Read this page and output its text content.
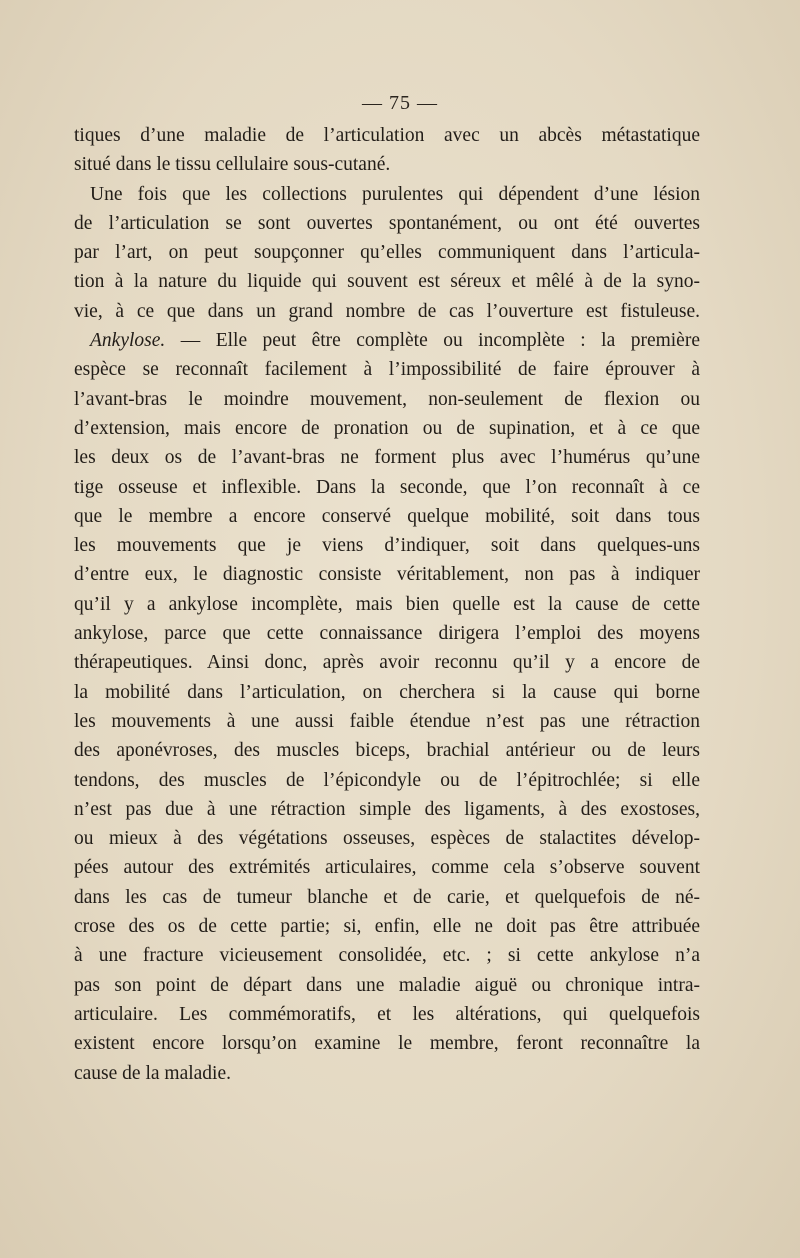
— 75 —
tiques d’une maladie de l’articulation avec un abcès métastatique
situé dans le tissu cellulaire sous-cutané.
Une fois que les collections purulentes qui dépendent d’une lésion
de l’articulation se sont ouvertes spontanément, ou ont été ouvertes
par l’art, on peut soupçonner qu’elles communiquent dans l’articula-
tion à la nature du liquide qui souvent est séreux et mêlé à de la syno-
vie, à ce que dans un grand nombre de cas l’ouverture est fistuleuse.
Ankylose. — Elle peut être complète ou incomplète : la première
espèce se reconnaît facilement à l’impossibilité de faire éprouver à
l’avant-bras le moindre mouvement, non-seulement de flexion ou
d’extension, mais encore de pronation ou de supination, et à ce que
les deux os de l’avant-bras ne forment plus avec l’humérus qu’une
tige osseuse et inflexible. Dans la seconde, que l’on reconnaît à ce
que le membre a encore conservé quelque mobilité, soit dans tous
les mouvements que je viens d’indiquer, soit dans quelques-uns
d’entre eux, le diagnostic consiste véritablement, non pas à indiquer
qu’il y a ankylose incomplète, mais bien quelle est la cause de cette
ankylose, parce que cette connaissance dirigera l’emploi des moyens
thérapeutiques. Ainsi donc, après avoir reconnu qu’il y a encore de
la mobilité dans l’articulation, on cherchera si la cause qui borne
les mouvements à une aussi faible étendue n’est pas une rétraction
des aponévroses, des muscles biceps, brachial antérieur ou de leurs
tendons, des muscles de l’épicondyle ou de l’épitrochlée; si elle
n’est pas due à une rétraction simple des ligaments, à des exostoses,
ou mieux à des végétations osseuses, espèces de stalactites dévelop-
pées autour des extrémités articulaires, comme cela s’observe souvent
dans les cas de tumeur blanche et de carie, et quelquefois de né-
crose des os de cette partie; si, enfin, elle ne doit pas être attribuée
à une fracture vicieusement consolidée, etc. ; si cette ankylose n’a
pas son point de départ dans une maladie aiguë ou chronique intra-
articulaire. Les commémoratifs, et les altérations, qui quelquefois
existent encore lorsqu’on examine le membre, feront reconnaître la
cause de la maladie.
